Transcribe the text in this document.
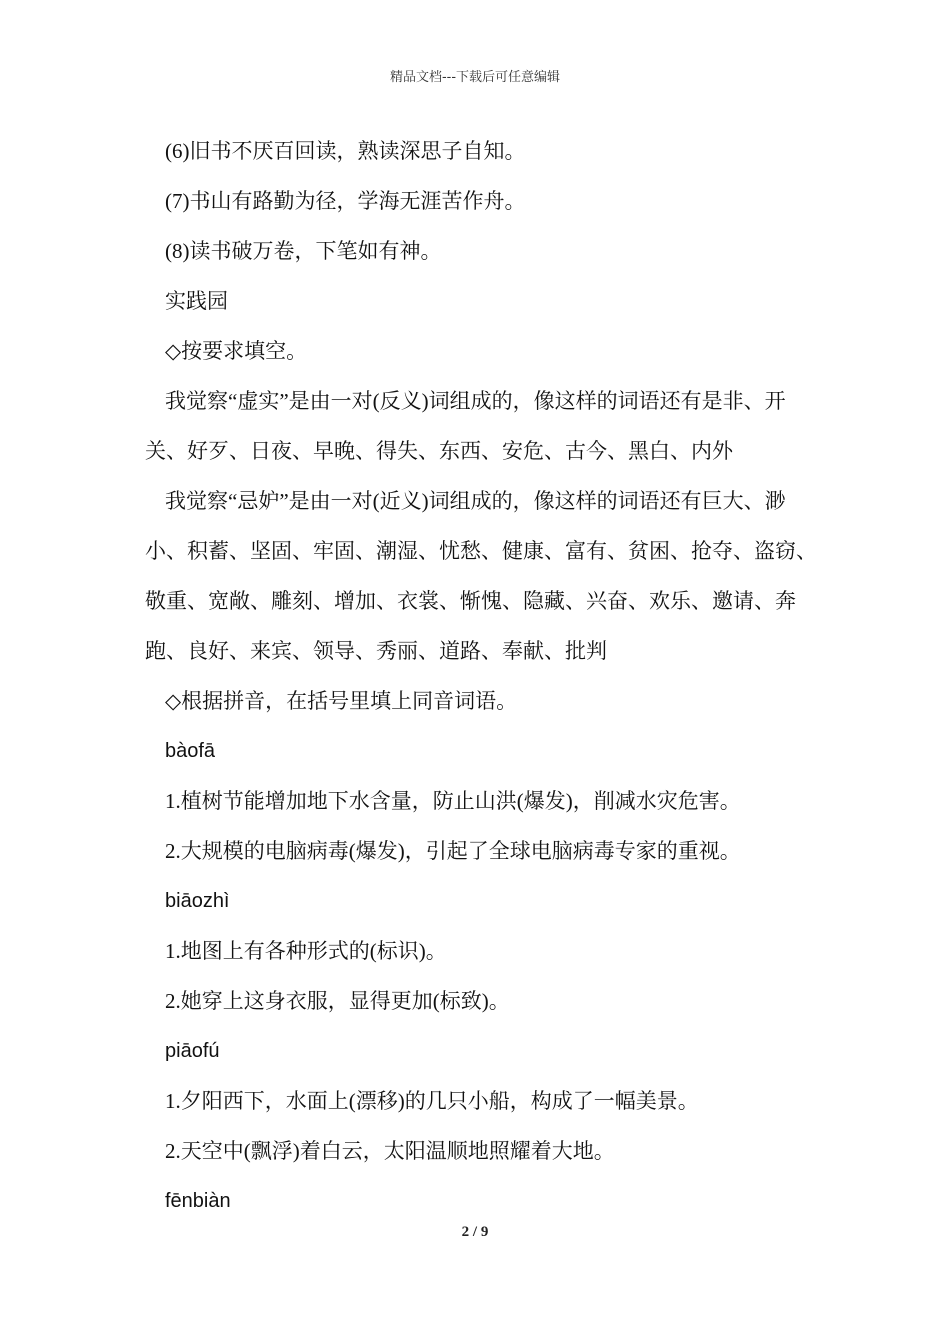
精品文档---下载后可任意编辑

(6)旧书不厌百回读，熟读深思子自知。

(7)书山有路勤为径，学海无涯苦作舟。

(8)读书破万卷，下笔如有神。

实践园

◇按要求填空。

我觉察“虚实”是由一对(反义)词组成的，像这样的词语还有是非、开关、好歹、日夜、早晚、得失、东西、安危、古今、黑白、内外

我觉察“忌妒”是由一对(近义)词组成的，像这样的词语还有巨大、渺小、积蓄、坚固、牢固、潮湿、忧愁、健康、富有、贫困、抢夺、盗窃、敬重、宽敞、雕刻、增加、衣裳、惭愧、隐藏、兴奋、欢乐、邀请、奔跑、良好、来宾、领导、秀丽、道路、奉献、批判

◇根据拼音，在括号里填上同音词语。

bàofā

1.植树节能增加地下水含量，防止山洪(爆发)，削减水灾危害。

2.大规模的电脑病毒(爆发)，引起了全球电脑病毒专家的重视。

biāozhì

1.地图上有各种形式的(标识)。

2.她穿上这身衣服，显得更加(标致)。

piāofú

1.夕阳西下，水面上(漂移)的几只小船，构成了一幅美景。

2.天空中(飘浮)着白云，太阳温顺地照耀着大地。

fēnbiàn

2 / 9
